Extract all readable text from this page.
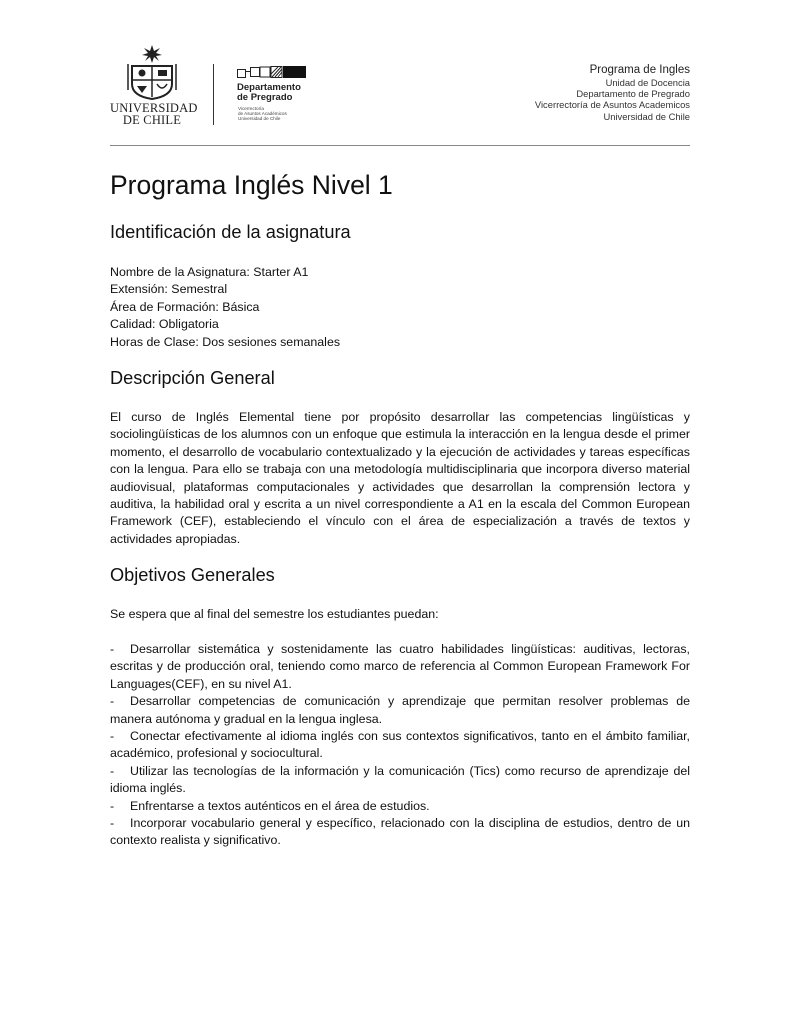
UNIVERSIDAD
DE CHILE
Departamento
de Pregrado
Vicerrectoría
de Asuntos Académicos
Universidad de Chile
Programa de Ingles
Unidad de Docencia
Departamento de Pregrado
Vicerrectoría de Asuntos Academicos
Universidad de Chile
Programa Inglés Nivel 1
Identificación de la asignatura
Nombre de la Asignatura: Starter A1
Extensión: Semestral
Área de Formación: Básica
Calidad: Obligatoria
Horas de Clase: Dos sesiones semanales
Descripción General

El curso de Inglés Elemental tiene por propósito desarrollar las competencias lingüísticas y sociolingüísticas de los alumnos con un enfoque que estimula la interacción en la lengua desde el primer momento, el desarrollo de vocabulario contextualizado y la ejecución de actividades y tareas específicas con la lengua. Para ello se trabaja con una metodología multidisciplinaria que incorpora diverso material audiovisual, plataformas computacionales y actividades que desarrollan la comprensión lectora y auditiva, la habilidad oral y escrita a un nivel correspondiente a A1 en la escala del Common European Framework (CEF), estableciendo el vínculo con el área de especialización a través de textos y actividades apropiadas.

Objetivos Generales

Se espera que al final del semestre los estudiantes puedan:

- Desarrollar sistemática y sostenidamente las cuatro habilidades lingüísticas: auditivas, lectoras, escritas y de producción oral, teniendo como marco de referencia al Common European Framework For Languages(CEF), en su nivel A1.
- Desarrollar competencias de comunicación y aprendizaje que permitan resolver problemas de manera autónoma y gradual en la lengua inglesa.
- Conectar efectivamente al idioma inglés con sus contextos significativos, tanto en el ámbito familiar, académico, profesional y sociocultural.
- Utilizar las tecnologías de la información y la comunicación (Tics) como recurso de aprendizaje del idioma inglés.
- Enfrentarse a textos auténticos en el área de estudios.
- Incorporar vocabulario general y específico, relacionado con la disciplina de estudios, dentro de un contexto realista y significativo.
